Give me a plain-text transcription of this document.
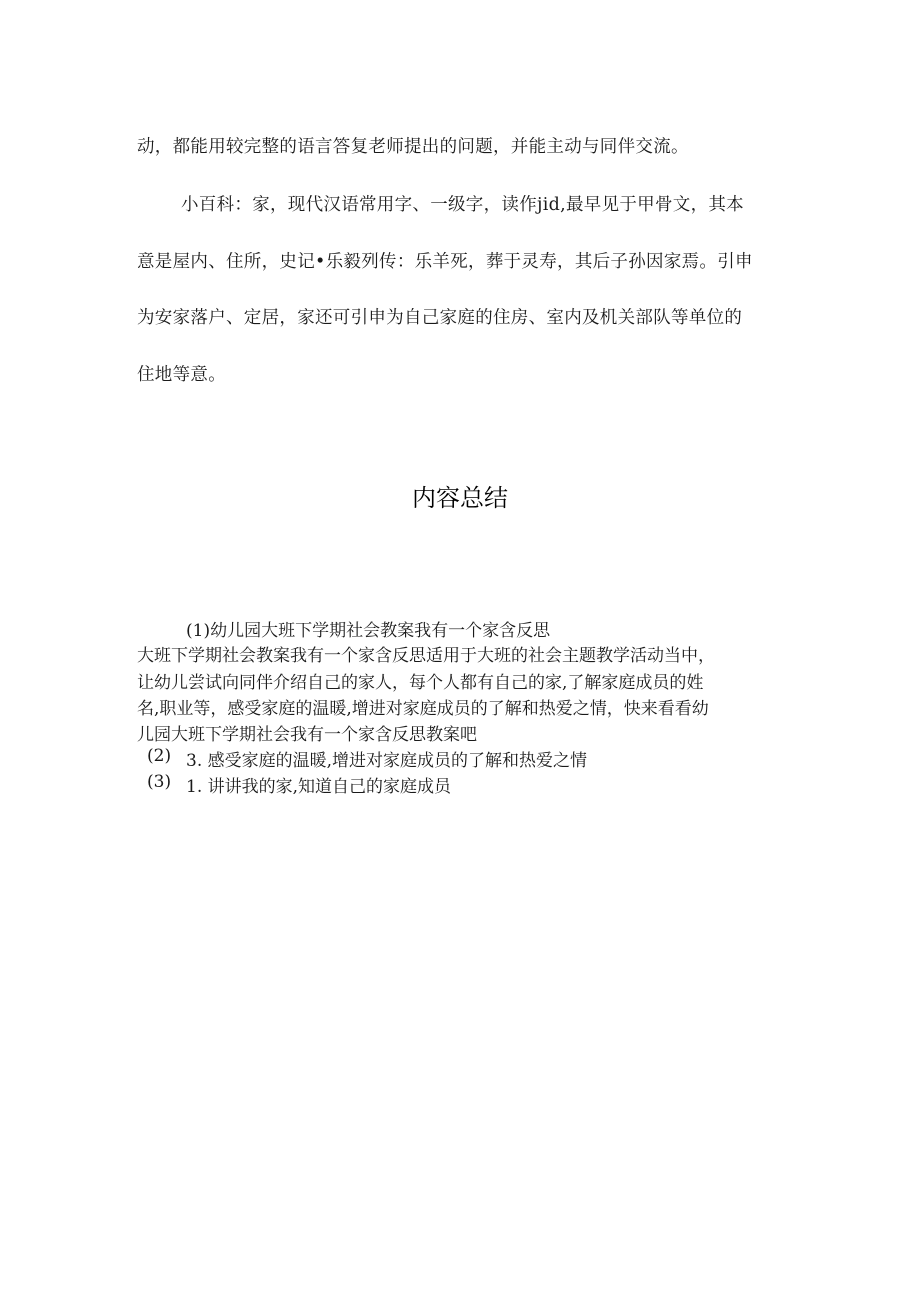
动，都能用较完整的语言答复老师提出的问题，并能主动与同伴交流。

小百科：家，现代汉语常用字、一级字，读作jid,最早见于甲骨文，其本

意是屋内、住所，史记•乐毅列传：乐羊死，葬于灵寿，其后子孙因家焉。引申

为安家落户、定居，家还可引申为自己家庭的住房、室内及机关部队等单位的

住地等意。

内容总结

(1)幼儿园大班下学期社会教案我有一个家含反思

大班下学期社会教案我有一个家含反思适用于大班的社会主题教学活动当中，

让幼儿尝试向同伴介绍自己的家人，每个人都有自己的家,了解家庭成员的姓

名,职业等，感受家庭的温暖,增进对家庭成员的了解和热爱之情，快来看看幼

儿园大班下学期社会我有一个家含反思教案吧

(2) 3. 感受家庭的温暖,增进对家庭成员的了解和热爱之情
(3) 1. 讲讲我的家,知道自己的家庭成员
